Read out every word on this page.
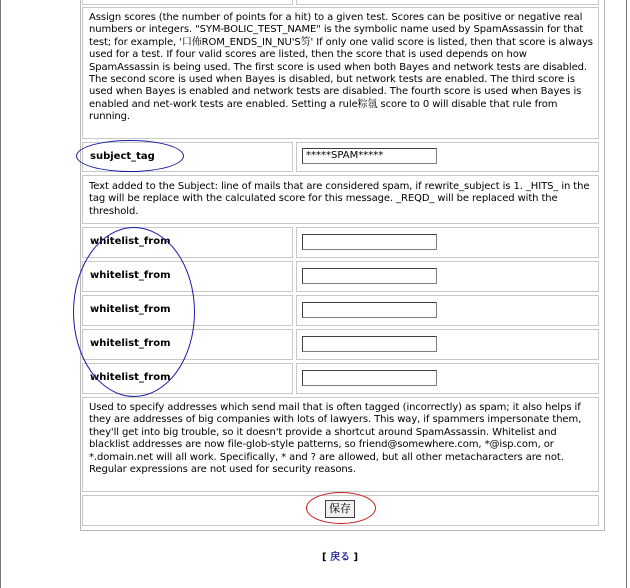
Assign scores (the number of points for a hit) to a given test. Scores can be positive or negative real numbers or integers. "SYM-BOLIC_TEST_NAME" is the symbolic name used by SpamAssassin for that test; for example, '口佈ROM_ENDS_IN_NU'S笉' If only one valid score is listed, then that score is always used for a test. If four valid scores are listed, then the score that is used depends on how SpamAssassin is being used. The first score is used when both Bayes and network tests are disabled. The second score is used when Bayes is disabled, but network tests are enabled. The third score is used when Bayes is enabled and network tests are disabled. The fourth score is used when Bayes is enabled and net-work tests are enabled. Setting a rule粽氬 score to 0 will disable that rule from running.
subject_tag	*****SPAM*****
Text added to the Subject: line of mails that are considered spam, if rewrite_subject is 1. _HITS_ in the tag will be replace with the calculated score for this message. _REQD_ will be replaced with the threshold.
whitelist_from
whitelist_from
whitelist_from
whitelist_from
whitelist_from
Used to specify addresses which send mail that is often tagged (incorrectly) as spam; it also helps if they are addresses of big companies with lots of lawyers. This way, if spammers impersonate them, they'll get into big trouble, so it doesn't provide a shortcut around SpamAssassin. Whitelist and blacklist addresses are now file-glob-style patterns, so friend@somewhere.com, *@isp.com, or *.domain.net will all work. Specifically, * and ? are allowed, but all other metacharacters are not. Regular expressions are not used for security reasons.
保存
[ 戻る ]
